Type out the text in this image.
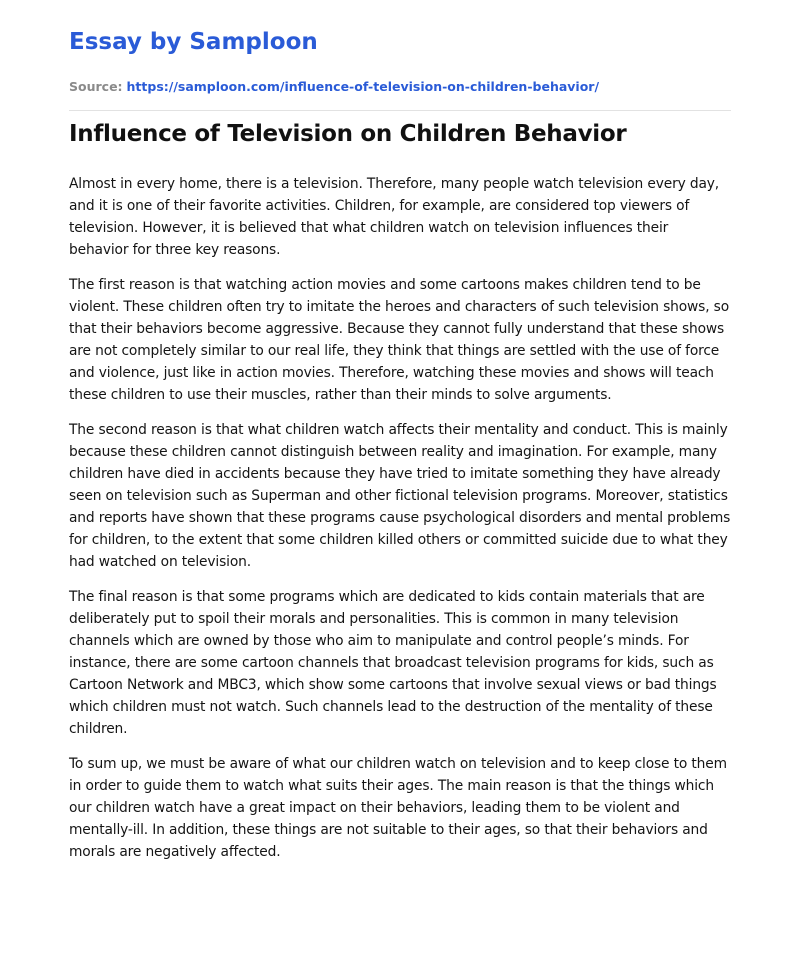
Essay by Samploon
Source: https://samploon.com/influence-of-television-on-children-behavior/
Influence of Television on Children Behavior

Almost in every home, there is a television. Therefore, many people watch television every day, and it is one of their favorite activities. Children, for example, are considered top viewers of television. However, it is believed that what children watch on television influences their behavior for three key reasons.

The first reason is that watching action movies and some cartoons makes children tend to be violent. These children often try to imitate the heroes and characters of such television shows, so that their behaviors become aggressive. Because they cannot fully understand that these shows are not completely similar to our real life, they think that things are settled with the use of force and violence, just like in action movies. Therefore, watching these movies and shows will teach these children to use their muscles, rather than their minds to solve arguments.

The second reason is that what children watch affects their mentality and conduct. This is mainly because these children cannot distinguish between reality and imagination. For example, many children have died in accidents because they have tried to imitate something they have already seen on television such as Superman and other fictional television programs. Moreover, statistics and reports have shown that these programs cause psychological disorders and mental problems for children, to the extent that some children killed others or committed suicide due to what they had watched on television.

The final reason is that some programs which are dedicated to kids contain materials that are deliberately put to spoil their morals and personalities. This is common in many television channels which are owned by those who aim to manipulate and control people’s minds. For instance, there are some cartoon channels that broadcast television programs for kids, such as Cartoon Network and MBC3, which show some cartoons that involve sexual views or bad things which children must not watch. Such channels lead to the destruction of the mentality of these children.

To sum up, we must be aware of what our children watch on television and to keep close to them in order to guide them to watch what suits their ages. The main reason is that the things which our children watch have a great impact on their behaviors, leading them to be violent and mentally-ill. In addition, these things are not suitable to their ages, so that their behaviors and morals are negatively affected.
